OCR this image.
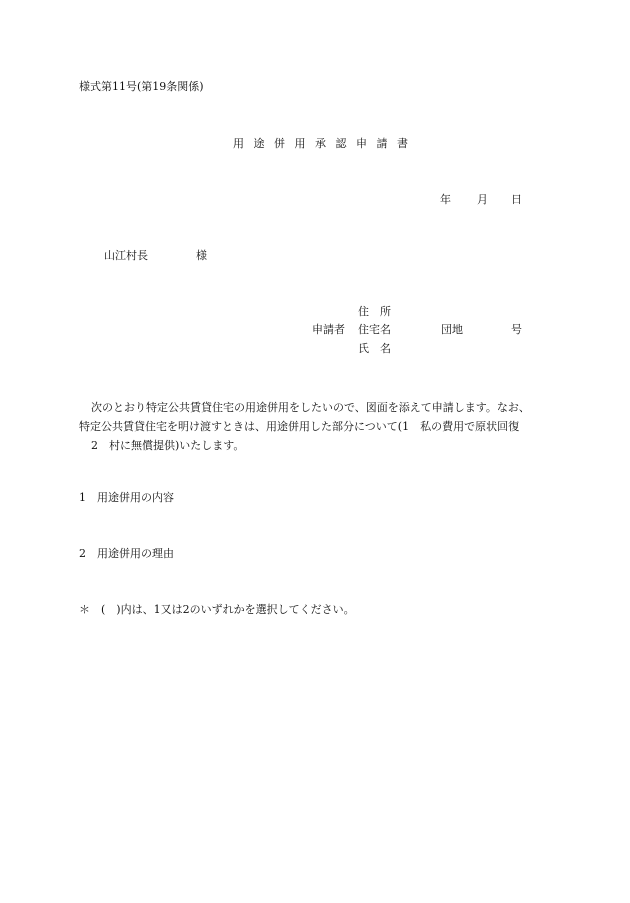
様式第11号(第19条関係)
用 途 併 用 承 認 申 請 書
年 月 日
山江村長	様
住　所
申請者 住宅名	団地	号
氏　名
次のとおり特定公共賃貸住宅の用途併用をしたいので、図面を添えて申請します。なお、
特定公共賃貸住宅を明け渡すときは、用途併用した部分について(1　私の費用で原状回復
2　村に無償提供)いたします。
1　用途併用の内容
2　用途併用の理由
＊　(　)内は、1又は2のいずれかを選択してください。
